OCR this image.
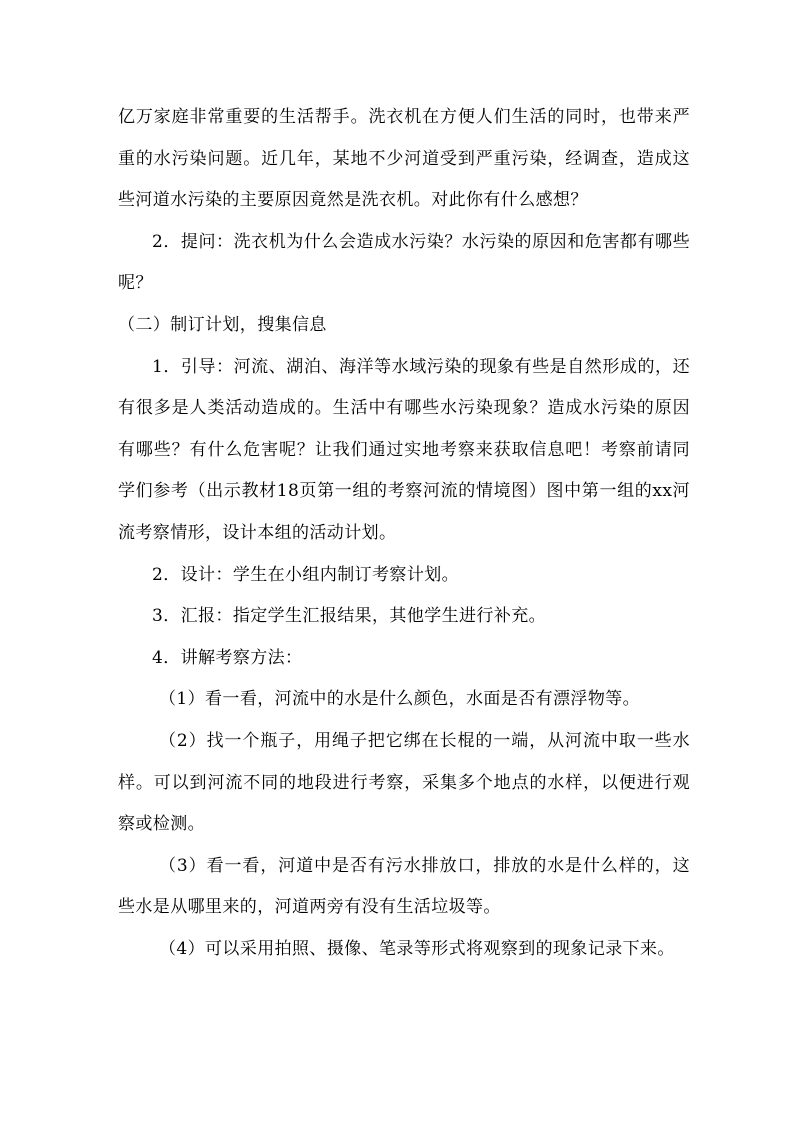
亿万家庭非常重要的生活帮手。洗衣机在方便人们生活的同时，也带来严重的水污染问题。近几年，某地不少河道受到严重污染，经调查，造成这些河道水污染的主要原因竟然是洗衣机。对此你有什么感想？

2．提问：洗衣机为什么会造成水污染？水污染的原因和危害都有哪些呢？

（二）制订计划，搜集信息

1．引导：河流、湖泊、海洋等水域污染的现象有些是自然形成的，还有很多是人类活动造成的。生活中有哪些水污染现象？造成水污染的原因有哪些？有什么危害呢？让我们通过实地考察来获取信息吧！考察前请同学们参考（出示教材18页第一组的考察河流的情境图）图中第一组的xx河流考察情形，设计本组的活动计划。

2．设计：学生在小组内制订考察计划。

3．汇报：指定学生汇报结果，其他学生进行补充。

4．讲解考察方法：

（1）看一看，河流中的水是什么颜色，水面是否有漂浮物等。

（2）找一个瓶子，用绳子把它绑在长棍的一端，从河流中取一些水样。可以到河流不同的地段进行考察，采集多个地点的水样，以便进行观察或检测。

（3）看一看，河道中是否有污水排放口，排放的水是什么样的，这些水是从哪里来的，河道两旁有没有生活垃圾等。

（4）可以采用拍照、摄像、笔录等形式将观察到的现象记录下来。
